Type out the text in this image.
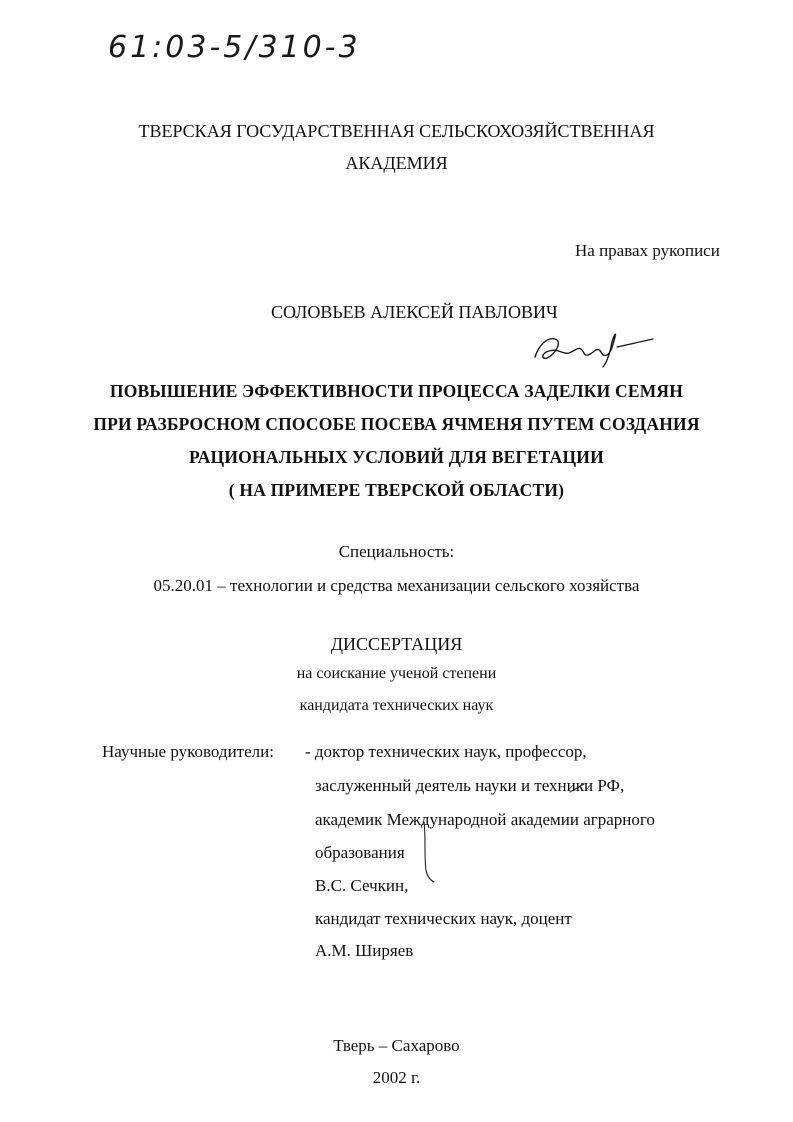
61:03-5/310-3
ТВЕРСКАЯ ГОСУДАРСТВЕННАЯ СЕЛЬСКОХОЗЯЙСТВЕННАЯ
АКАДЕМИЯ
На правах рукописи
СОЛОВЬЕВ АЛЕКСЕЙ ПАВЛОВИЧ
ПОВЫШЕНИЕ ЭФФЕКТИВНОСТИ ПРОЦЕССА ЗАДЕЛКИ СЕМЯН
ПРИ РАЗБРОСНОМ СПОСОБЕ ПОСЕВА ЯЧМЕНЯ ПУТЕМ СОЗДАНИЯ
РАЦИОНАЛЬНЫХ УСЛОВИЙ ДЛЯ ВЕГЕТАЦИИ
( НА ПРИМЕРЕ ТВЕРСКОЙ ОБЛАСТИ)
Специальность:
05.20.01 – технологии и средства механизации сельского хозяйства
ДИССЕРТАЦИЯ
на соискание ученой степени
кандидата технических наук
Научные руководители: - доктор технических наук, профессор,
заслуженный деятель науки и техники РФ,
академик Международной академии аграрного
образования
В.С. Сечкин,
кандидат технических наук, доцент
А.М. Ширяев
Тверь – Сахарово
2002 г.
